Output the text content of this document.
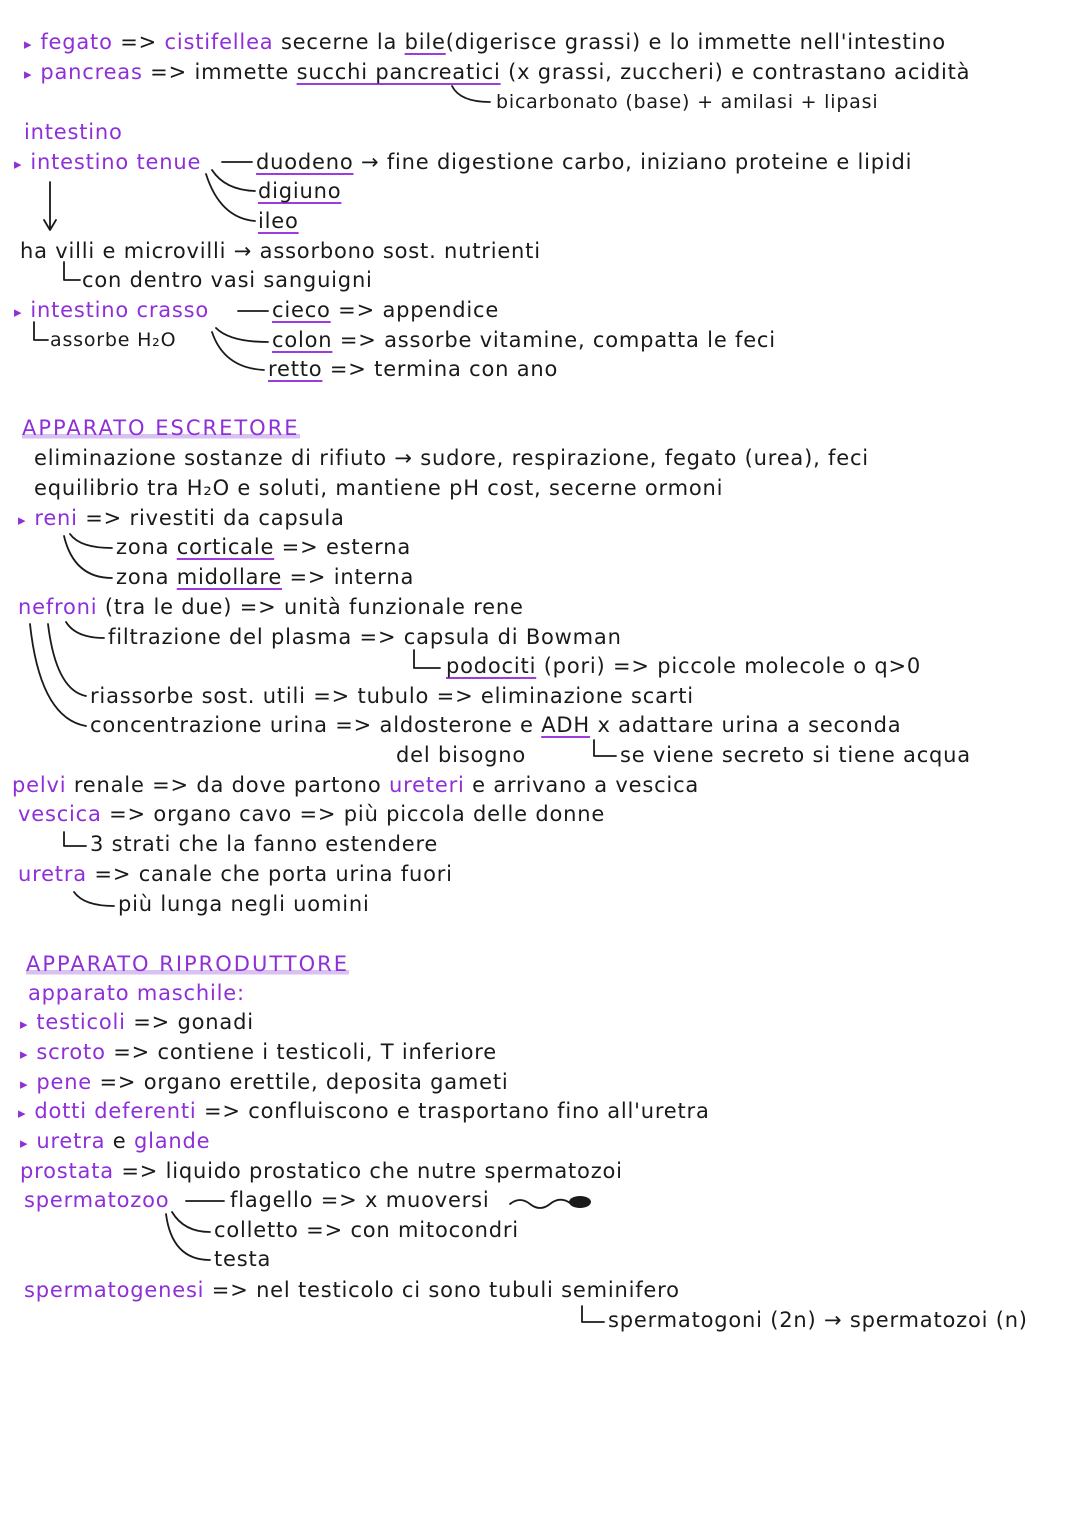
▸ fegato => cistifellea secerne la bile(digerisce grassi) e lo immette nell'intestino
▸ pancreas => immette succhi pancreatici (x grassi, zuccheri) e contrastano acidità
bicarbonato (base) + amilasi + lipasi
intestino
▸ intestino tenue	duodeno → fine digestione carbo, iniziano proteine e lipidi
digiuno
ileo
ha villi e microvilli → assorbono sost. nutrienti
con dentro vasi sanguigni
▸ intestino crasso	cieco => appendice
assorbe H₂O	colon => assorbe vitamine, compatta le feci
retto => termina con ano
APPARATO ESCRETORE
eliminazione sostanze di rifiuto → sudore, respirazione, fegato (urea), feci
equilibrio tra H₂O e soluti, mantiene pH cost, secerne ormoni
▸ reni => rivestiti da capsula
zona corticale => esterna
zona midollare => interna
nefroni (tra le due) => unità funzionale rene
filtrazione del plasma => capsula di Bowman
podociti (pori) => piccole molecole o q>0
riassorbe sost. utili => tubulo => eliminazione scarti
concentrazione urina => aldosterone e ADH x adattare urina a seconda
del bisogno	se viene secreto si tiene acqua
pelvi renale => da dove partono ureteri e arrivano a vescica
vescica => organo cavo => più piccola delle donne
3 strati che la fanno estendere
uretra => canale che porta urina fuori
più lunga negli uomini
APPARATO RIPRODUTTORE
apparato maschile:
▸ testicoli => gonadi
▸ scroto => contiene i testicoli, T inferiore
▸ pene => organo erettile, deposita gameti
▸ dotti deferenti => confluiscono e trasportano fino all'uretra
▸ uretra e glande
prostata => liquido prostatico che nutre spermatozoi
spermatozoo	flagello => x muoversi
colletto => con mitocondri
testa
spermatogenesi => nel testicolo ci sono tubuli seminifero
spermatogoni (2n) → spermatozoi (n)
